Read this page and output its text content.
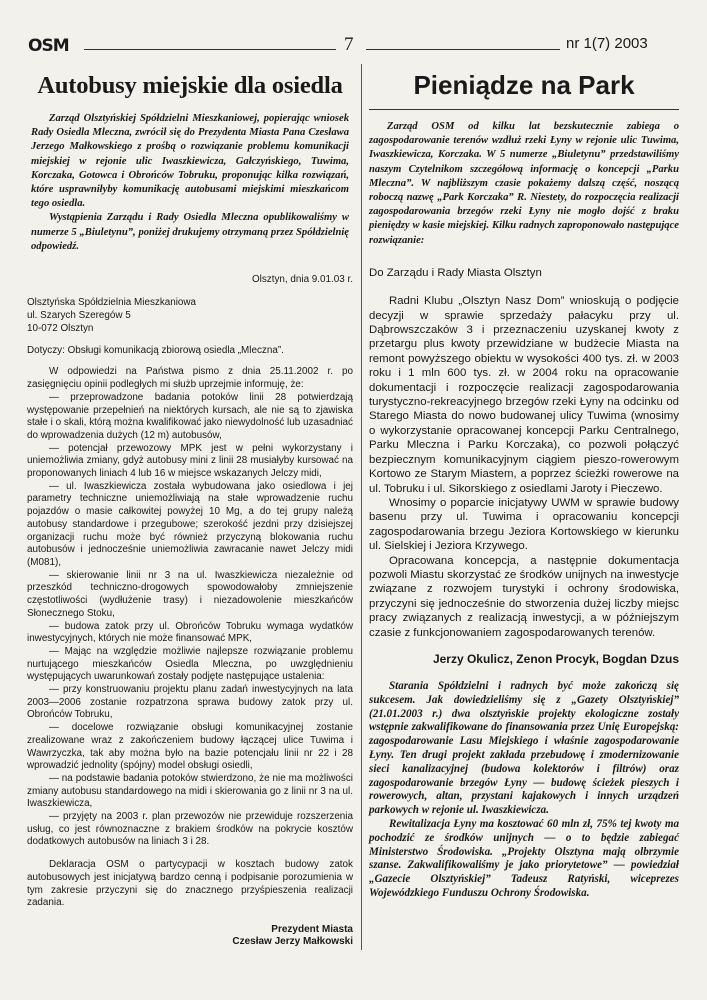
OSM	7	nr 1(7) 2003
Autobusy miejskie dla osiedla

Zarząd Olsztyńskiej Spółdzielni Mieszkaniowej, popierając wniosek Rady Osiedla Mleczna, zwrócił się do Prezydenta Miasta Pana Czesława Jerzego Małkowskiego z prośbą o rozwiązanie problemu komunikacji miejskiej w rejonie ulic Iwaszkiewicza, Gałczyńskiego, Tuwima, Korczaka, Gotowca i Obrońców Tobruku, proponując kilka rozwiązań, które usprawniłyby komunikację autobusami miejskimi mieszkańcom tego osiedla.

Wystąpienia Zarządu i Rady Osiedla Mleczna opublikowaliśmy w numerze 5 „Biuletynu”, poniżej drukujemy otrzymaną przez Spółdzielnię odpowiedź.

Olsztyn, dnia 9.01.03 r.

Olsztyńska Spółdzielnia Mieszkaniowa

ul. Szarych Szeregów 5

10-072 Olsztyn

Dotyczy: Obsługi komunikacją zbiorową osiedla „Mleczna”.

W odpowiedzi na Państwa pismo z dnia 25.11.2002 r. po zasięgnięciu opinii podległych mi służb uprzejmie informuję, że:

— przeprowadzone badania potoków linii 28 potwierdzają występowanie przepełnień na niektórych kursach, ale nie są to zjawiska stałe i o skali, którą można kwalifikować jako niewydolność lub uzasadniać do wprowadzenia dużych (12 m) autobusów,

— potencjał przewozowy MPK jest w pełni wykorzystany i uniemożliwia zmiany, gdyż autobusy mini z linii 28 musiałyby kursować na proponowanych liniach 4 lub 16 w miejsce wskazanych Jelczy midi,

— ul. Iwaszkiewicza została wybudowana jako osiedlowa i jej parametry techniczne uniemożliwiają na stałe wprowadzenie ruchu pojazdów o masie całkowitej powyżej 10 Mg, a do tej grupy należą autobusy standardowe i przegubowe; szerokość jezdni przy dzisiejszej organizacji ruchu może być również przyczyną blokowania ruchu autobusów i jednocześnie uniemożliwia zawracanie nawet Jelczy midi (M081),

— skierowanie linii nr 3 na ul. Iwaszkiewicza niezależnie od przeszkód techniczno-drogowych spowodowałoby zmniejszenie częstotliwości (wydłużenie trasy) i niezadowolenie mieszkańców Słonecznego Stoku,

— budowa zatok przy ul. Obrońców Tobruku wymaga wydatków inwestycyjnych, których nie może finansować MPK,

— Mając na względzie możliwie najlepsze rozwiązanie problemu nurtującego mieszkańców Osiedla Mleczna, po uwzględnieniu występujących uwarunkowań zostały podjęte następujące ustalenia:

— przy konstruowaniu projektu planu zadań inwestycyjnych na lata 2003—2006 zostanie rozpatrzona sprawa budowy zatok przy ul. Obrońców Tobruku,

— docelowe rozwiązanie obsługi komunikacyjnej zostanie zrealizowane wraz z zakończeniem budowy łączącej ulice Tuwima i Wawrzyczka, tak aby można było na bazie potencjału linii nr 22 i 28 wprowadzić jednolity (spójny) model obsługi osiedli,

— na podstawie badania potoków stwierdzono, że nie ma możliwości zmiany autobusu standardowego na midi i skierowania go z linii nr 3 na ul. Iwaszkiewicza,

— przyjęty na 2003 r. plan przewozów nie przewiduje rozszerzenia usług, co jest równoznaczne z brakiem środków na pokrycie kosztów dodatkowych autobusów na liniach 3 i 28.

Deklaracja OSM o partycypacji w kosztach budowy zatok autobusowych jest inicjatywą bardzo cenną i podpisanie porozumienia w tym zakresie przyczyni się do znacznego przyśpieszenia realizacji zadania.

Prezydent Miasta
Czesław Jerzy Małkowski
Pieniądze na Park

Zarząd OSM od kilku lat bezskutecznie zabiega o zagospodarowanie terenów wzdłuż rzeki Łyny w rejonie ulic Tuwima, Iwaszkiewicza, Korczaka. W 5 numerze „Biuletynu” przedstawiliśmy naszym Czytelnikom szczegółową informację o koncepcji „Parku Mleczna”. W najbliższym czasie pokażemy dalszą część, noszącą roboczą nazwę „Park Korczaka” R. Niestety, do rozpoczęcia realizacji zagospodarowania brzegów rzeki Łyny nie mogło dojść z braku pieniędzy w kasie miejskiej. Kilku radnych zaproponowało następujące rozwiązanie:

Do Zarządu i Rady Miasta Olsztyn

Radni Klubu „Olsztyn Nasz Dom” wnioskują o podjęcie decyzji w sprawie sprzedaży pałacyku przy ul. Dąbrowszczaków 3 i przeznaczeniu uzyskanej kwoty z przetargu plus kwoty przewidziane w budżecie Miasta na remont powyższego obiektu w wysokości 400 tys. zł. w 2003 roku i 1 mln 600 tys. zł. w 2004 roku na opracowanie dokumentacji i rozpoczęcie realizacji zagospodarowania turystyczno-rekreacyjnego brzegów rzeki Łyny na odcinku od Starego Miasta do nowo budowanej ulicy Tuwima (wnosimy o wykorzystanie opracowanej koncepcji Parku Centralnego, Parku Mleczna i Parku Korczaka), co pozwoli połączyć bezpiecznym komunikacyjnym ciągiem pieszo-rowerowym Kortowo ze Starym Miastem, a poprzez ścieżki rowerowe na ul. Tobruku i ul. Sikorskiego z osiedlami Jaroty i Pieczewo.

Wnosimy o poparcie inicjatywy UWM w sprawie budowy basenu przy ul. Tuwima i opracowaniu koncepcji zagospodarowania brzegu Jeziora Kortowskiego w kierunku ul. Sielskiej i Jeziora Krzywego.

Opracowana koncepcja, a następnie dokumentacja pozwoli Miastu skorzystać ze środków unijnych na inwestycje związane z rozwojem turystyki i ochrony środowiska, przyczyni się jednocześnie do stworzenia dużej liczby miejsc pracy związanych z realizacją inwestycji, a w późniejszym czasie z funkcjonowaniem zagospodarowanych terenów.

Jerzy Okulicz, Zenon Procyk, Bogdan Dzus

Starania Spółdzielni i radnych być może zakończą się sukcesem. Jak dowiedzieliśmy się z „Gazety Olsztyńskiej” (21.01.2003 r.) dwa olsztyńskie projekty ekologiczne zostały wstępnie zakwalifikowane do finansowania przez Unię Europejską: zagospodarowanie Lasu Miejskiego i właśnie zagospodarowanie Łyny. Ten drugi projekt zakłada przebudowę i zmodernizowanie sieci kanalizacyjnej (budowa kolektorów i filtrów) oraz zagospodarowanie brzegów Łyny — budowę ścieżek pieszych i rowerowych, altan, przystani kajakowych i innych urządzeń parkowych w rejonie ul. Iwaszkiewicza.

Rewitalizacja Łyny ma kosztować 60 mln zł, 75% tej kwoty ma pochodzić ze środków unijnych — o to będzie zabiegać Ministerstwo Środowiska. „Projekty Olsztyna mają olbrzymie szanse. Zakwalifikowaliśmy je jako priorytetowe” — powiedział „Gazecie Olsztyńskiej” Tadeusz Ratyński, wiceprezes Wojewódzkiego Funduszu Ochrony Środowiska.
